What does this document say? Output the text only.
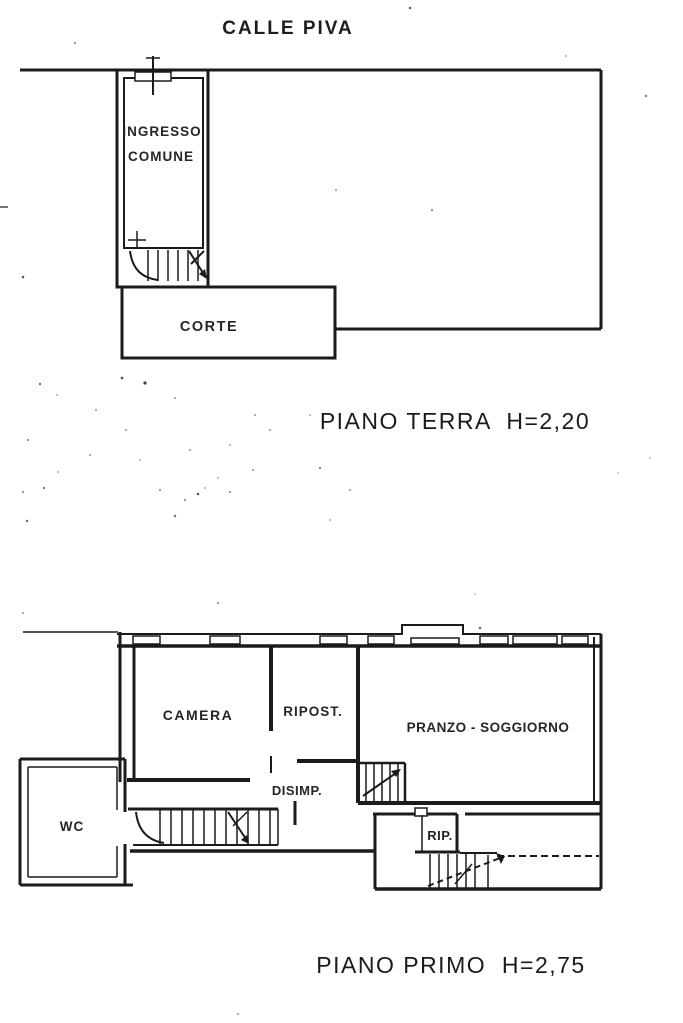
CALLE PIVA
INGRESSO
COMUNE
CORTE
PIANO TERRA  H=2,20
CAMERA	RIPOST.
PRANZO - SOGGIORNO
DISIMP.
WC
RIP.
PIANO PRIMO  H=2,75
